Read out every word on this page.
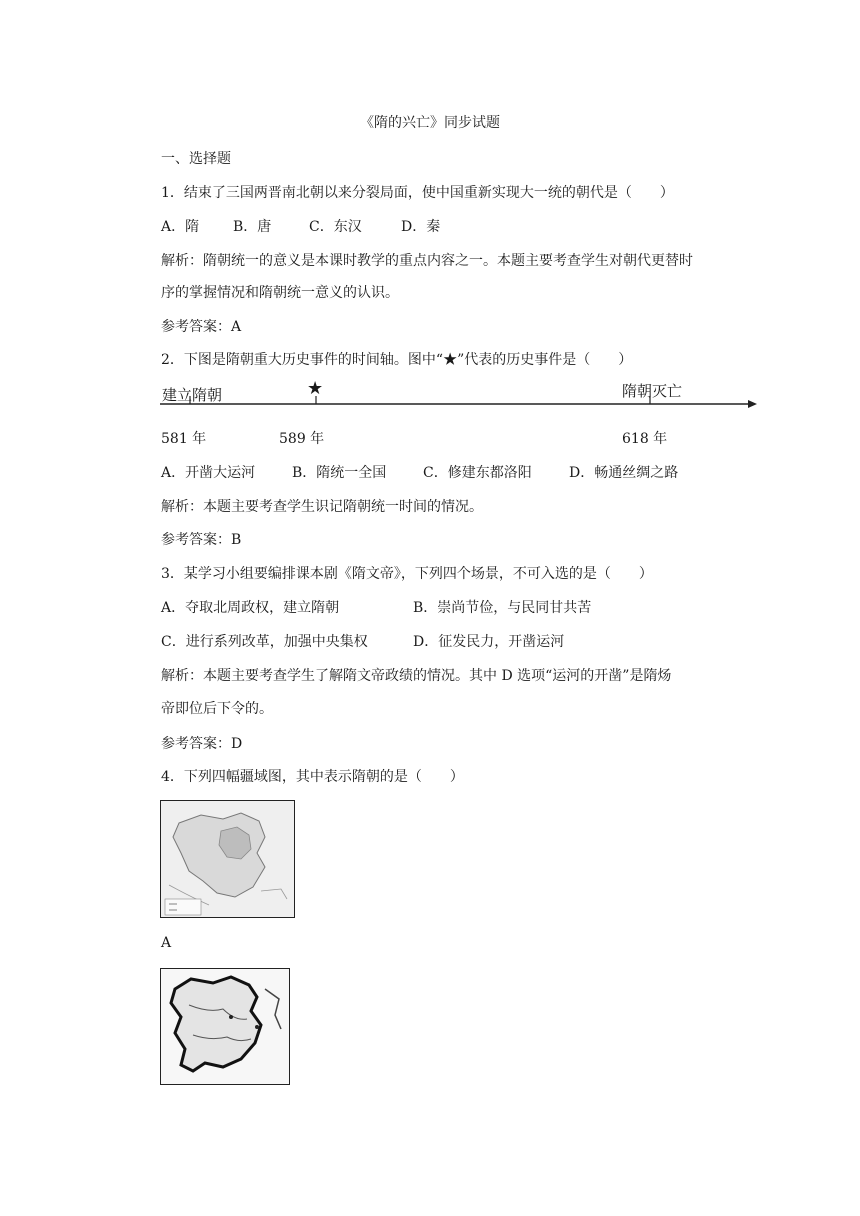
《隋的兴亡》同步试题
一、选择题
1．结束了三国两晋南北朝以来分裂局面，使中国重新实现大一统的朝代是（　　）
A．隋 B．唐	C．东汉	D．秦
解析：隋朝统一的意义是本课时教学的重点内容之一。本题主要考查学生对朝代更替时
序的掌握情况和隋朝统一意义的认识。
参考答案：A
2．下图是隋朝重大历史事件的时间轴。图中“★”代表的历史事件是（　　）
建立隋朝	★	隋朝灭亡
581 年	589 年	618 年
A．开凿大运河	B．隋统一全国	C．修建东都洛阳	D．畅通丝绸之路
解析：本题主要考查学生识记隋朝统一时间的情况。
参考答案：B
3．某学习小组要编排课本剧《隋文帝》，下列四个场景，不可入选的是（　　）
A．夺取北周政权，建立隋朝	B．崇尚节俭，与民同甘共苦
C．进行系列改革，加强中央集权	D．征发民力，开凿运河
解析：本题主要考查学生了解隋文帝政绩的情况。其中 D 选项“运河的开凿”是隋炀
帝即位后下令的。
参考答案：D
4．下列四幅疆域图，其中表示隋朝的是（　　）
A
